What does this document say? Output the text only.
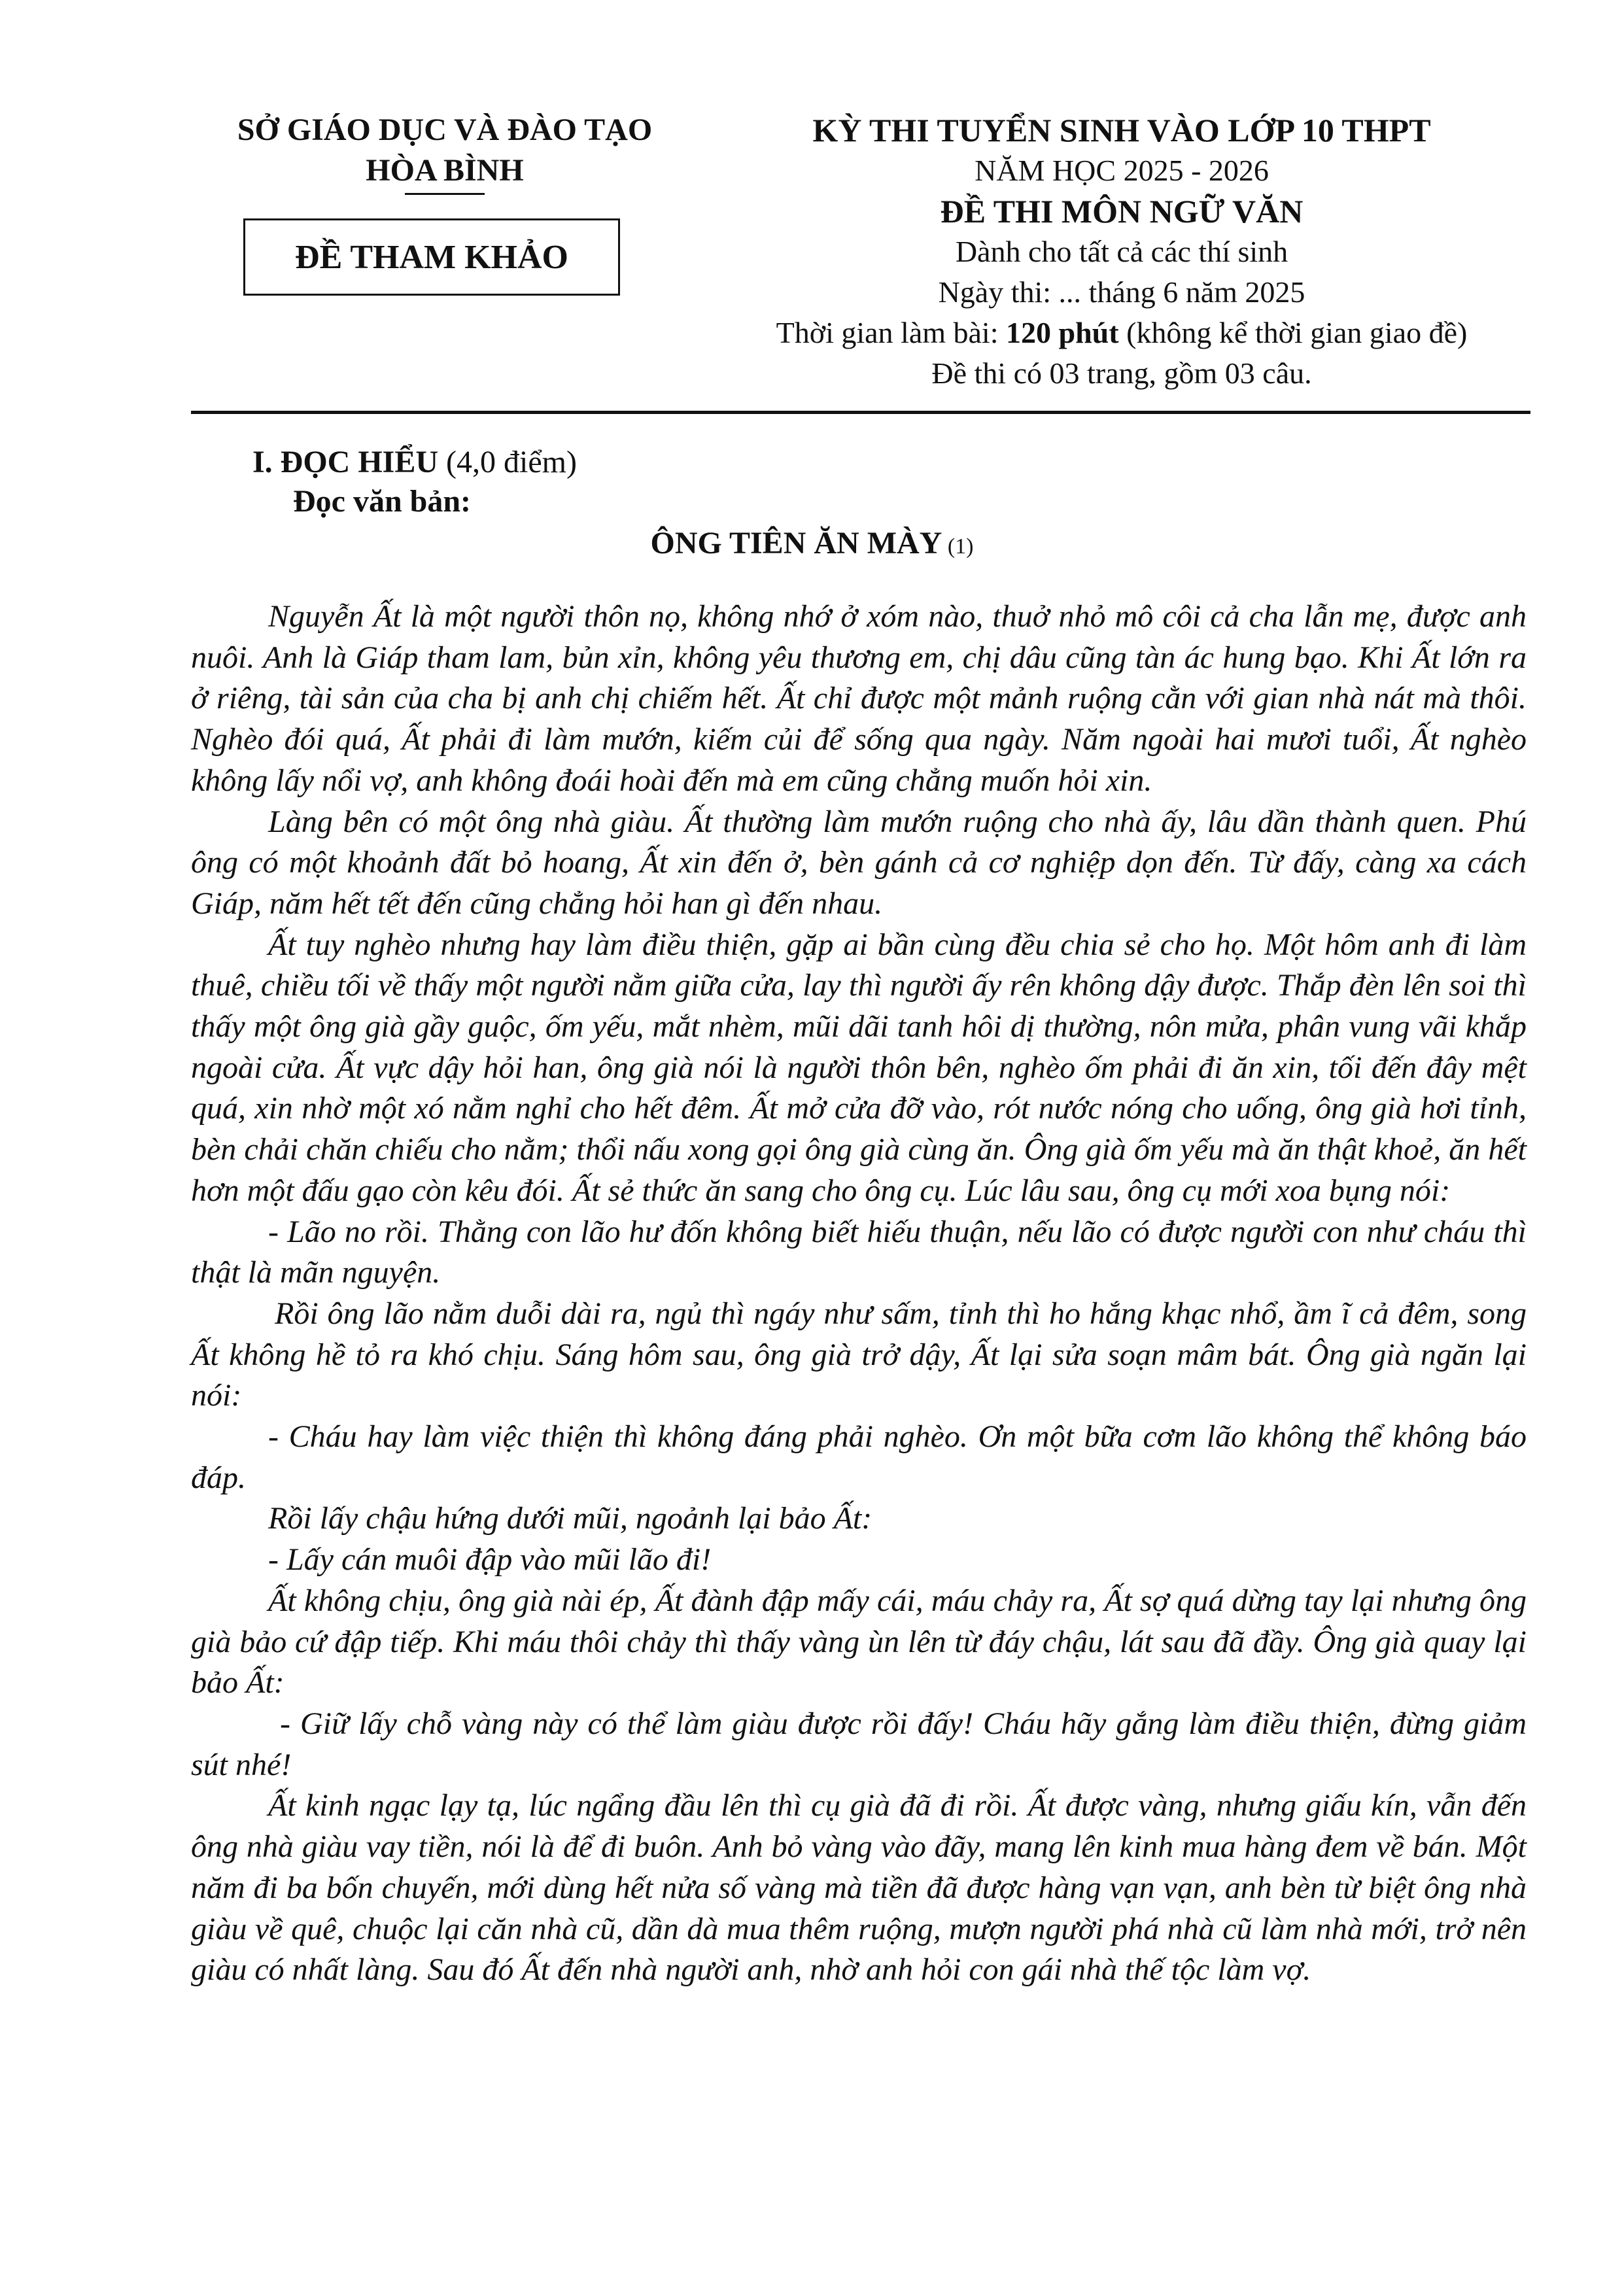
SỞ GIÁO DỤC VÀ ĐÀO TẠO
HÒA BÌNH
ĐỀ THAM KHẢO
KỲ THI TUYỂN SINH VÀO LỚP 10 THPT
NĂM HỌC 2025 - 2026
ĐỀ THI MÔN NGỮ VĂN
Dành cho tất cả các thí sinh
Ngày thi: ... tháng 6 năm 2025
Thời gian làm bài: 120 phút (không kể thời gian giao đề)
Đề thi có 03 trang, gồm 03 câu.
I. ĐỌC HIỂU (4,0 điểm)
Đọc văn bản:
ÔNG TIÊN ĂN MÀY (1)

Nguyễn Ất là một người thôn nọ, không nhớ ở xóm nào, thuở nhỏ mô côi cả cha lẫn mẹ, được anh nuôi. Anh là Giáp tham lam, bủn xỉn, không yêu thương em, chị dâu cũng tàn ác hung bạo. Khi Ất lớn ra ở riêng, tài sản của cha bị anh chị chiếm hết. Ất chỉ được một mảnh ruộng cằn với gian nhà nát mà thôi. Nghèo đói quá, Ất phải đi làm mướn, kiếm củi để sống qua ngày. Năm ngoài hai mươi tuổi, Ất nghèo không lấy nổi vợ, anh không đoái hoài đến mà em cũng chẳng muốn hỏi xin.

Làng bên có một ông nhà giàu. Ất thường làm mướn ruộng cho nhà ấy, lâu dần thành quen. Phú ông có một khoảnh đất bỏ hoang, Ất xin đến ở, bèn gánh cả cơ nghiệp dọn đến. Từ đấy, càng xa cách Giáp, năm hết tết đến cũng chẳng hỏi han gì đến nhau.

Ất tuy nghèo nhưng hay làm điều thiện, gặp ai bần cùng đều chia sẻ cho họ. Một hôm anh đi làm thuê, chiều tối về thấy một người nằm giữa cửa, lay thì người ấy rên không dậy được. Thắp đèn lên soi thì thấy một ông già gầy guộc, ốm yếu, mắt nhèm, mũi dãi tanh hôi dị thường, nôn mửa, phân vung vãi khắp ngoài cửa. Ất vực dậy hỏi han, ông già nói là người thôn bên, nghèo ốm phải đi ăn xin, tối đến đây mệt quá, xin nhờ một xó nằm nghỉ cho hết đêm. Ất mở cửa đỡ vào, rót nước nóng cho uống, ông già hơi tỉnh, bèn chải chăn chiếu cho nằm; thổi nấu xong gọi ông già cùng ăn. Ông già ốm yếu mà ăn thật khoẻ, ăn hết hơn một đấu gạo còn kêu đói. Ất sẻ thức ăn sang cho ông cụ. Lúc lâu sau, ông cụ mới xoa bụng nói:

- Lão no rồi. Thằng con lão hư đốn không biết hiếu thuận, nếu lão có được người con như cháu thì thật là mãn nguyện.

Rồi ông lão nằm duỗi dài ra, ngủ thì ngáy như sấm, tỉnh thì ho hắng khạc nhổ, ầm ĩ cả đêm, song Ất không hề tỏ ra khó chịu. Sáng hôm sau, ông già trở dậy, Ất lại sửa soạn mâm bát. Ông già ngăn lại nói:

- Cháu hay làm việc thiện thì không đáng phải nghèo. Ơn một bữa cơm lão không thể không báo đáp.

Rồi lấy chậu hứng dưới mũi, ngoảnh lại bảo Ất:

- Lấy cán muôi đập vào mũi lão đi!

Ất không chịu, ông già nài ép, Ất đành đập mấy cái, máu chảy ra, Ất sợ quá dừng tay lại nhưng ông già bảo cứ đập tiếp. Khi máu thôi chảy thì thấy vàng ùn lên từ đáy chậu, lát sau đã đầy. Ông già quay lại bảo Ất:

- Giữ lấy chỗ vàng này có thể làm giàu được rồi đấy! Cháu hãy gắng làm điều thiện, đừng giảm sút nhé!

Ất kinh ngạc lạy tạ, lúc ngẩng đầu lên thì cụ già đã đi rồi. Ất được vàng, nhưng giấu kín, vẫn đến ông nhà giàu vay tiền, nói là để đi buôn. Anh bỏ vàng vào đãy, mang lên kinh mua hàng đem về bán. Một năm đi ba bốn chuyến, mới dùng hết nửa số vàng mà tiền đã được hàng vạn vạn, anh bèn từ biệt ông nhà giàu về quê, chuộc lại căn nhà cũ, dần dà mua thêm ruộng, mượn người phá nhà cũ làm nhà mới, trở nên giàu có nhất làng. Sau đó Ất đến nhà người anh, nhờ anh hỏi con gái nhà thế tộc làm vợ.
